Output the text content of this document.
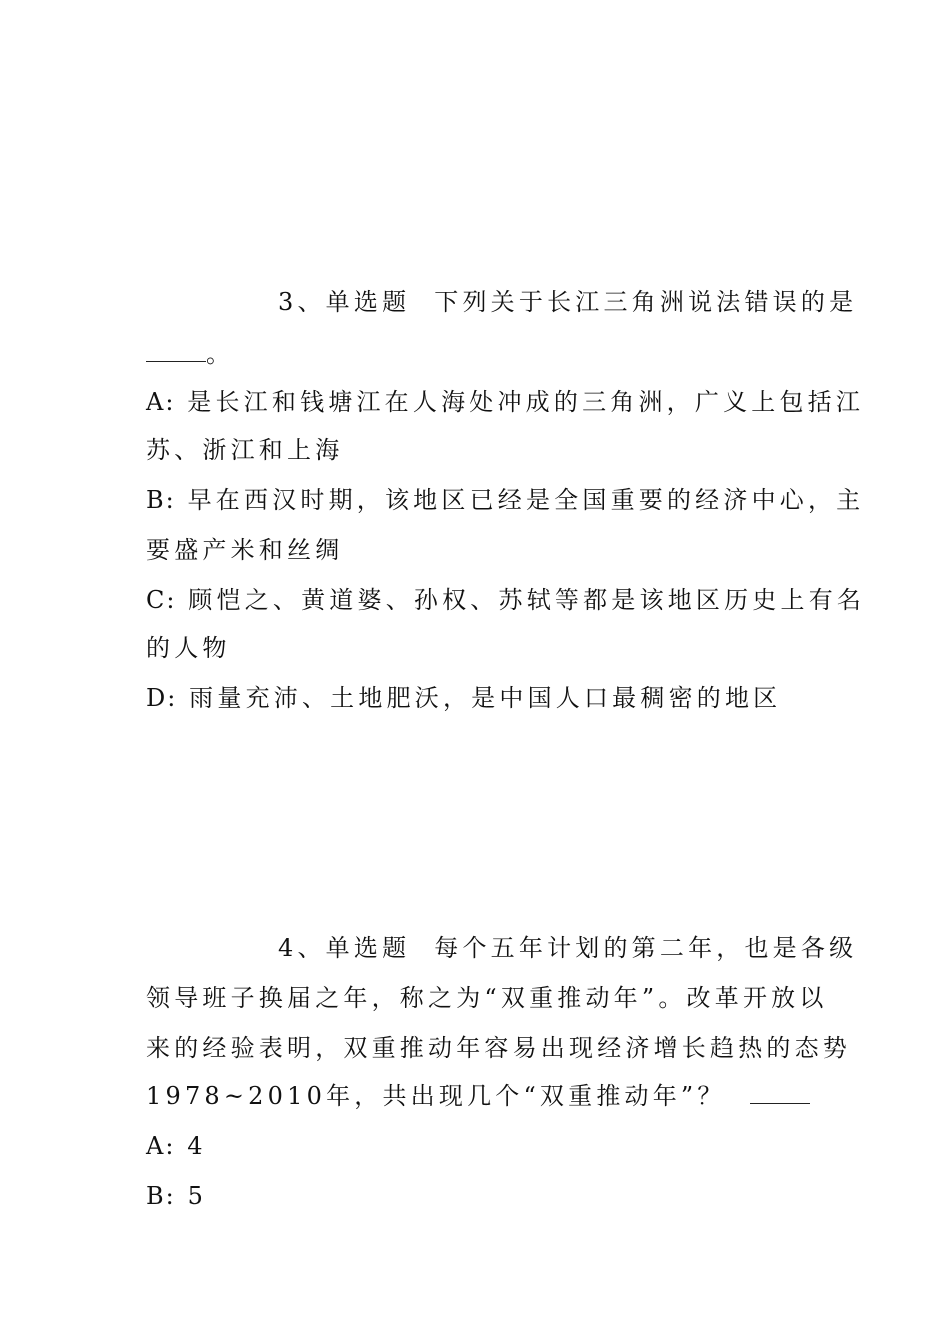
3、单选题 下列关于长江三角洲说法错误的是
。
A: 是长江和钱塘江在人海处冲成的三角洲，广义上包括江
苏、浙江和上海
B: 早在西汉时期，该地区已经是全国重要的经济中心，主
要盛产米和丝绸
C: 顾恺之、黄道婆、孙权、苏轼等都是该地区历史上有名
的人物
D: 雨量充沛、土地肥沃，是中国人口最稠密的地区
4、单选题 每个五年计划的第二年，也是各级
领导班子换届之年，称之为“双重推动年”。改革开放以
来的经验表明，双重推动年容易出现经济增长趋热的态势
1978~2010年，共出现几个“双重推动年”？
A: 4
B: 5
